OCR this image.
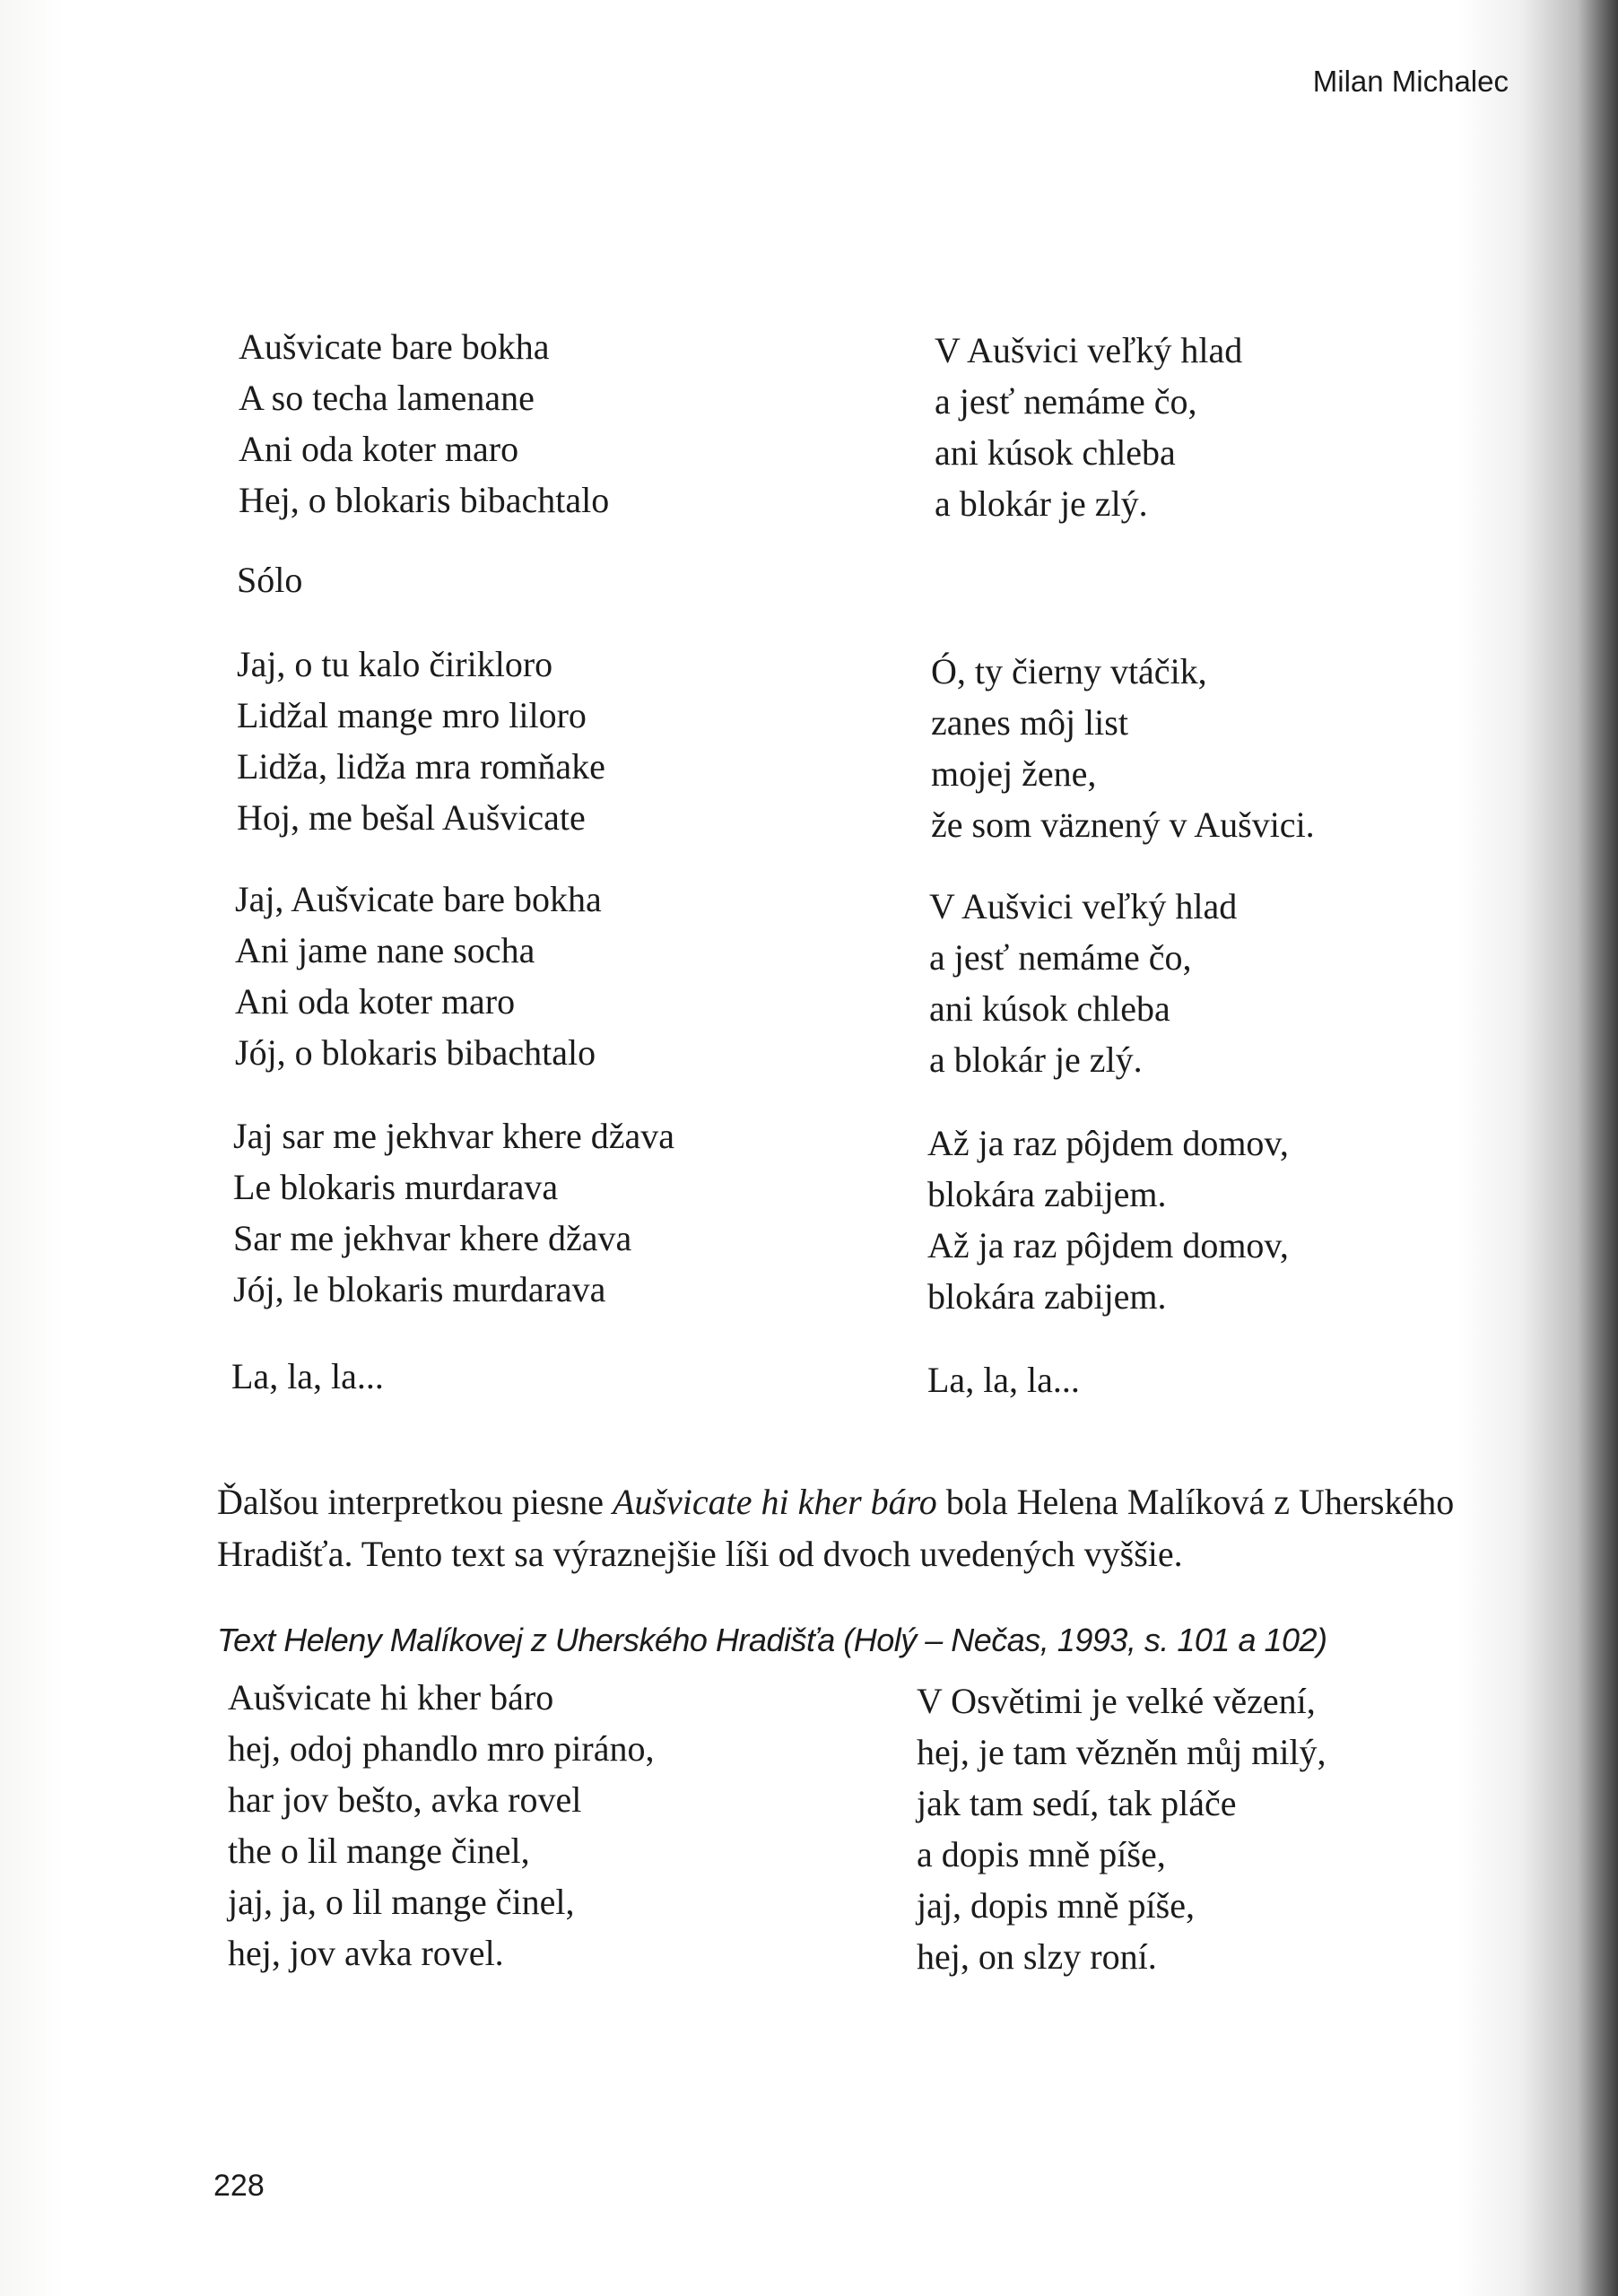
Milan Michalec
Aušvicate bare bokha
A so techa lamenane
Ani oda koter maro
Hej, o blokaris bibachtalo
Sólo
Jaj, o tu kalo čirikloro
Lidžal mange mro liloro
Lidža, lidža mra romňake
Hoj, me bešal Aušvicate
Jaj, Aušvicate bare bokha
Ani jame nane socha
Ani oda koter maro
Jój, o blokaris bibachtalo
Jaj sar me jekhvar khere džava
Le blokaris murdarava
Sar me jekhvar khere džava
Jój, le blokaris murdarava
La, la, la...
V Aušvici veľký hlad
a jesť nemáme čo,
ani kúsok chleba
a blokár je zlý.
Ó, ty čierny vtáčik,
zanes môj list
mojej žene,
že som väznený v Aušvici.
V Aušvici veľký hlad
a jesť nemáme čo,
ani kúsok chleba
a blokár je zlý.
Až ja raz pôjdem domov,
blokára zabijem.
Až ja raz pôjdem domov,
blokára zabijem.
La, la, la...

Ďalšou interpretkou piesne Aušvicate hi kher báro bola Helena Malíková z Uherského Hradišťa. Tento text sa výraznejšie líši od dvoch uvedených vyššie.

Text Heleny Malíkovej z Uherského Hradišťa (Holý – Nečas, 1993, s. 101 a 102)
Aušvicate hi kher báro
hej, odoj phandlo mro piráno,
har jov bešto, avka rovel
the o lil mange činel,
jaj, ja, o lil mange činel,
hej, jov avka rovel.
V Osvětimi je velké vězení,
hej, je tam vězněn můj milý,
jak tam sedí, tak pláče
a dopis mně píše,
jaj, dopis mně píše,
hej, on slzy roní.
228
